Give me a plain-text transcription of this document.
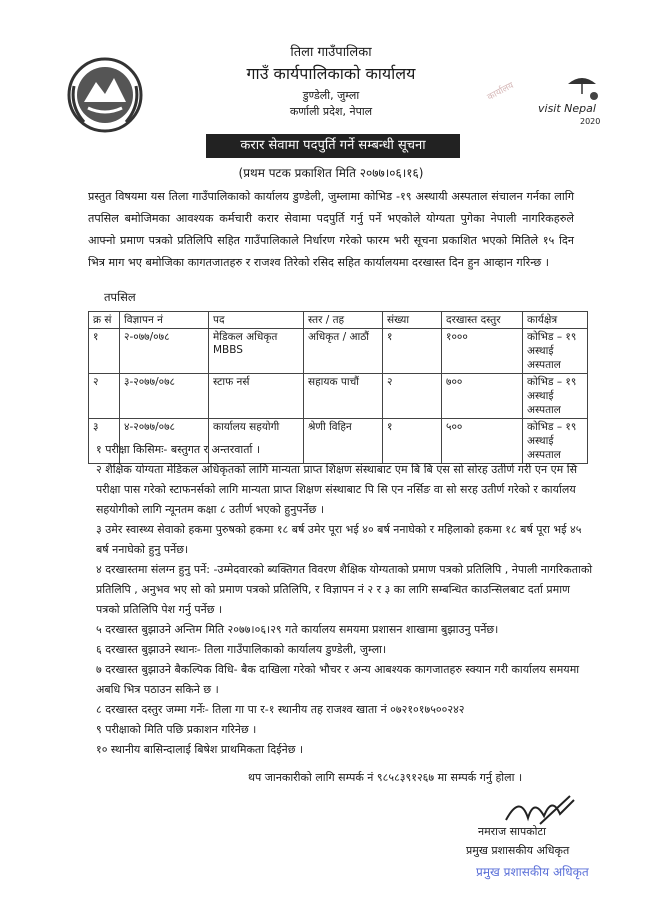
तिला गाउँपालिका
गाउँ कार्यपालिकाको कार्यालय
डुण्डेली, जुम्ला
कर्णाली प्रदेश, नेपाल
कार्यालय
visit Nepal
2020
करार सेवामा पदपुर्ति गर्ने सम्बन्धी सूचना
(प्रथम पटक प्रकाशित मिति २०७७।०६।१६)

प्रस्तुत विषयमा यस तिला गाउँपालिकाको कार्यालय डुण्डेली, जुम्लामा कोभिड -१९ अस्थायी अस्पताल संचालन गर्नका लागि तपसिल बमोजिमका आवश्यक कर्मचारी करार सेवामा पदपुर्ति गर्नु पर्ने भएकोले योग्यता पुगेका नेपाली नागरिकहरुले आफ्नो प्रमाण पत्रको प्रतिलिपि सहित गाउँपालिकाले निर्धारण गरेको फारम भरी सूचना प्रकाशित भएको मितिले १५ दिन भित्र माग भए बमोजिका कागतजातहरु र राजश्व तिरेको रसिद सहित कार्यालयमा दरखास्त दिन हुन आव्हान गरिन्छ ।

तपसिल
क्र सं	विज्ञापन नं	पद	स्तर / तह	संख्या	दरखास्त दस्तुर	कार्यक्षेत्र
१	२-०७७/०७८	मेडिकल अधिकृत MBBS	अधिकृत / आठौं	१	१०००	कोभिड – १९ अस्थाई अस्पताल
२	३-२०७७/०७८	स्टाफ नर्स	सहायक पाचौं	२	७००	कोभिड – १९ अस्थाई अस्पताल
३	४-२०७७/०७८	कार्यालय सहयोगी	श्रेणी विहिन	१	५००	कोभिड – १९ अस्थाई अस्पताल
१ परीक्षा किसिमः- बस्तुगत र अन्तरवार्ता ।
२ शैक्षिक योग्यता मेडिकल अधिकृतको लागि मान्यता प्राप्त शिक्षण संस्थाबाट एम बि बि एस सो सोरह उतीर्ण गरी एन एम सि परीक्षा पास गरेको स्टाफनर्सको लागि मान्यता प्राप्त शिक्षण संस्थाबाट पि सि एन नर्सिङ वा सो सरह उतीर्ण गरेको र कार्यालय सहयोगीको लागि न्यूनतम कक्षा ८ उतीर्ण भएको हुनुपर्नेछ ।
३ उमेर स्वास्थ्य सेवाको हकमा पुरुषको हकमा १८ बर्ष उमेर पूरा भई ४० बर्ष ननाघेको र महिलाको हकमा १८ बर्ष पूरा भई ४५ बर्ष ननाघेको हुनु पर्नेछ।
४ दरखास्तमा संलग्न हुनु पर्ने: -उम्मेदवारको ब्यक्तिगत विवरण शैक्षिक योग्यताको प्रमाण पत्रको प्रतिलिपि , नेपाली नागरिकताको प्रतिलिपि , अनुभव भए सो को प्रमाण पत्रको प्रतिलिपि, र विज्ञापन नं २ र ३ का लागि सम्बन्धित काउन्सिलबाट दर्ता प्रमाण पत्रको प्रतिलिपि पेश गर्नु पर्नेछ ।
५ दरखास्त बुझाउने अन्तिम मिति २०७७।०६।२९ गते कार्यालय समयमा प्रशासन शाखामा बुझाउनु पर्नेछ।
६ दरखास्त बुझाउने स्थानः- तिला गाउँपालिकाको कार्यालय डुण्डेली, जुम्ला।
७ दरखास्त बुझाउने बैकल्पिक विधि- बैक दाखिला गरेको भौचर र अन्य आबश्यक कागजातहरु स्क्यान गरी कार्यालय समयमा अबधि भित्र पठाउन सकिने छ ।
८ दरखास्त दस्तुर जम्मा गर्नेः- तिला गा पा र-१ स्थानीय तह राजश्व खाता नं ०७२१०१७५००२४२
९ परीक्षाको मिति पछि प्रकाशन गरिनेछ ।
१० स्थानीय बासिन्दालाई बिषेश प्राथमिकता दिईनेछ ।
थप जानकारीको लागि सम्पर्क नं ९८५८३९१२६७ मा सम्पर्क गर्नु होला ।
नमराज सापकोटा
प्रमुख प्रशासकीय अधिकृत
प्रमुख प्रशासकीय अधिकृत
